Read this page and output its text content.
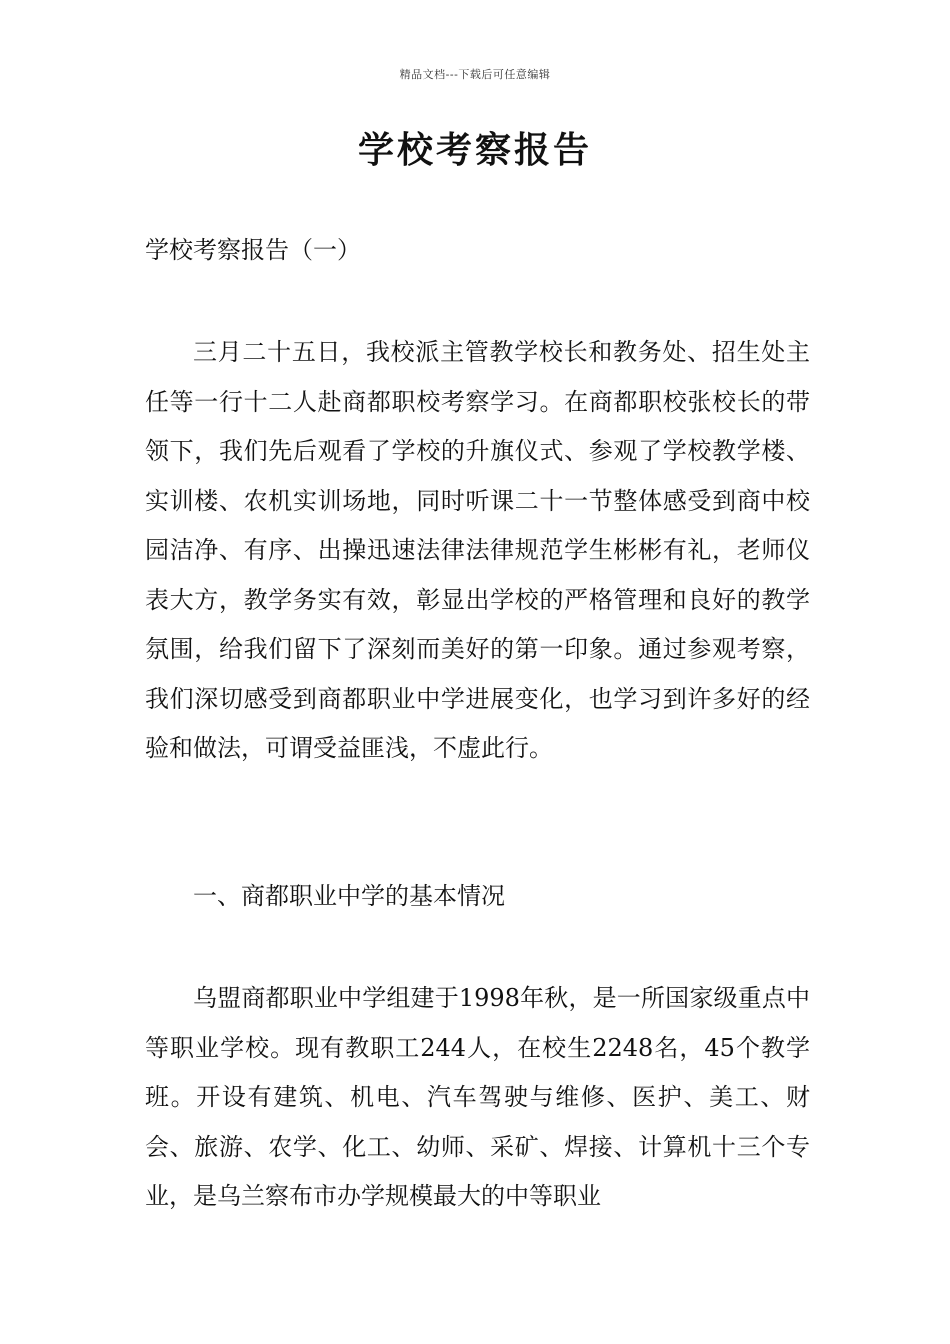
精品文档---下载后可任意编辑
学校考察报告

学校考察报告（一）

三月二十五日，我校派主管教学校长和教务处、招生处主任等一行十二人赴商都职校考察学习。在商都职校张校长的带领下，我们先后观看了学校的升旗仪式、参观了学校教学楼、实训楼、农机实训场地，同时听课二十一节整体感受到商中校园洁净、有序、出操迅速法律法律规范学生彬彬有礼，老师仪表大方，教学务实有效，彰显出学校的严格管理和良好的教学氛围，给我们留下了深刻而美好的第一印象。通过参观考察，我们深切感受到商都职业中学进展变化，也学习到许多好的经验和做法，可谓受益匪浅，不虚此行。

一、商都职业中学的基本情况

乌盟商都职业中学组建于1998年秋，是一所国家级重点中等职业学校。现有教职工244人，在校生2248名，45个教学班。开设有建筑、机电、汽车驾驶与维修、医护、美工、财会、旅游、农学、化工、幼师、采矿、焊接、计算机十三个专业，是乌兰察布市办学规模最大的中等职业
